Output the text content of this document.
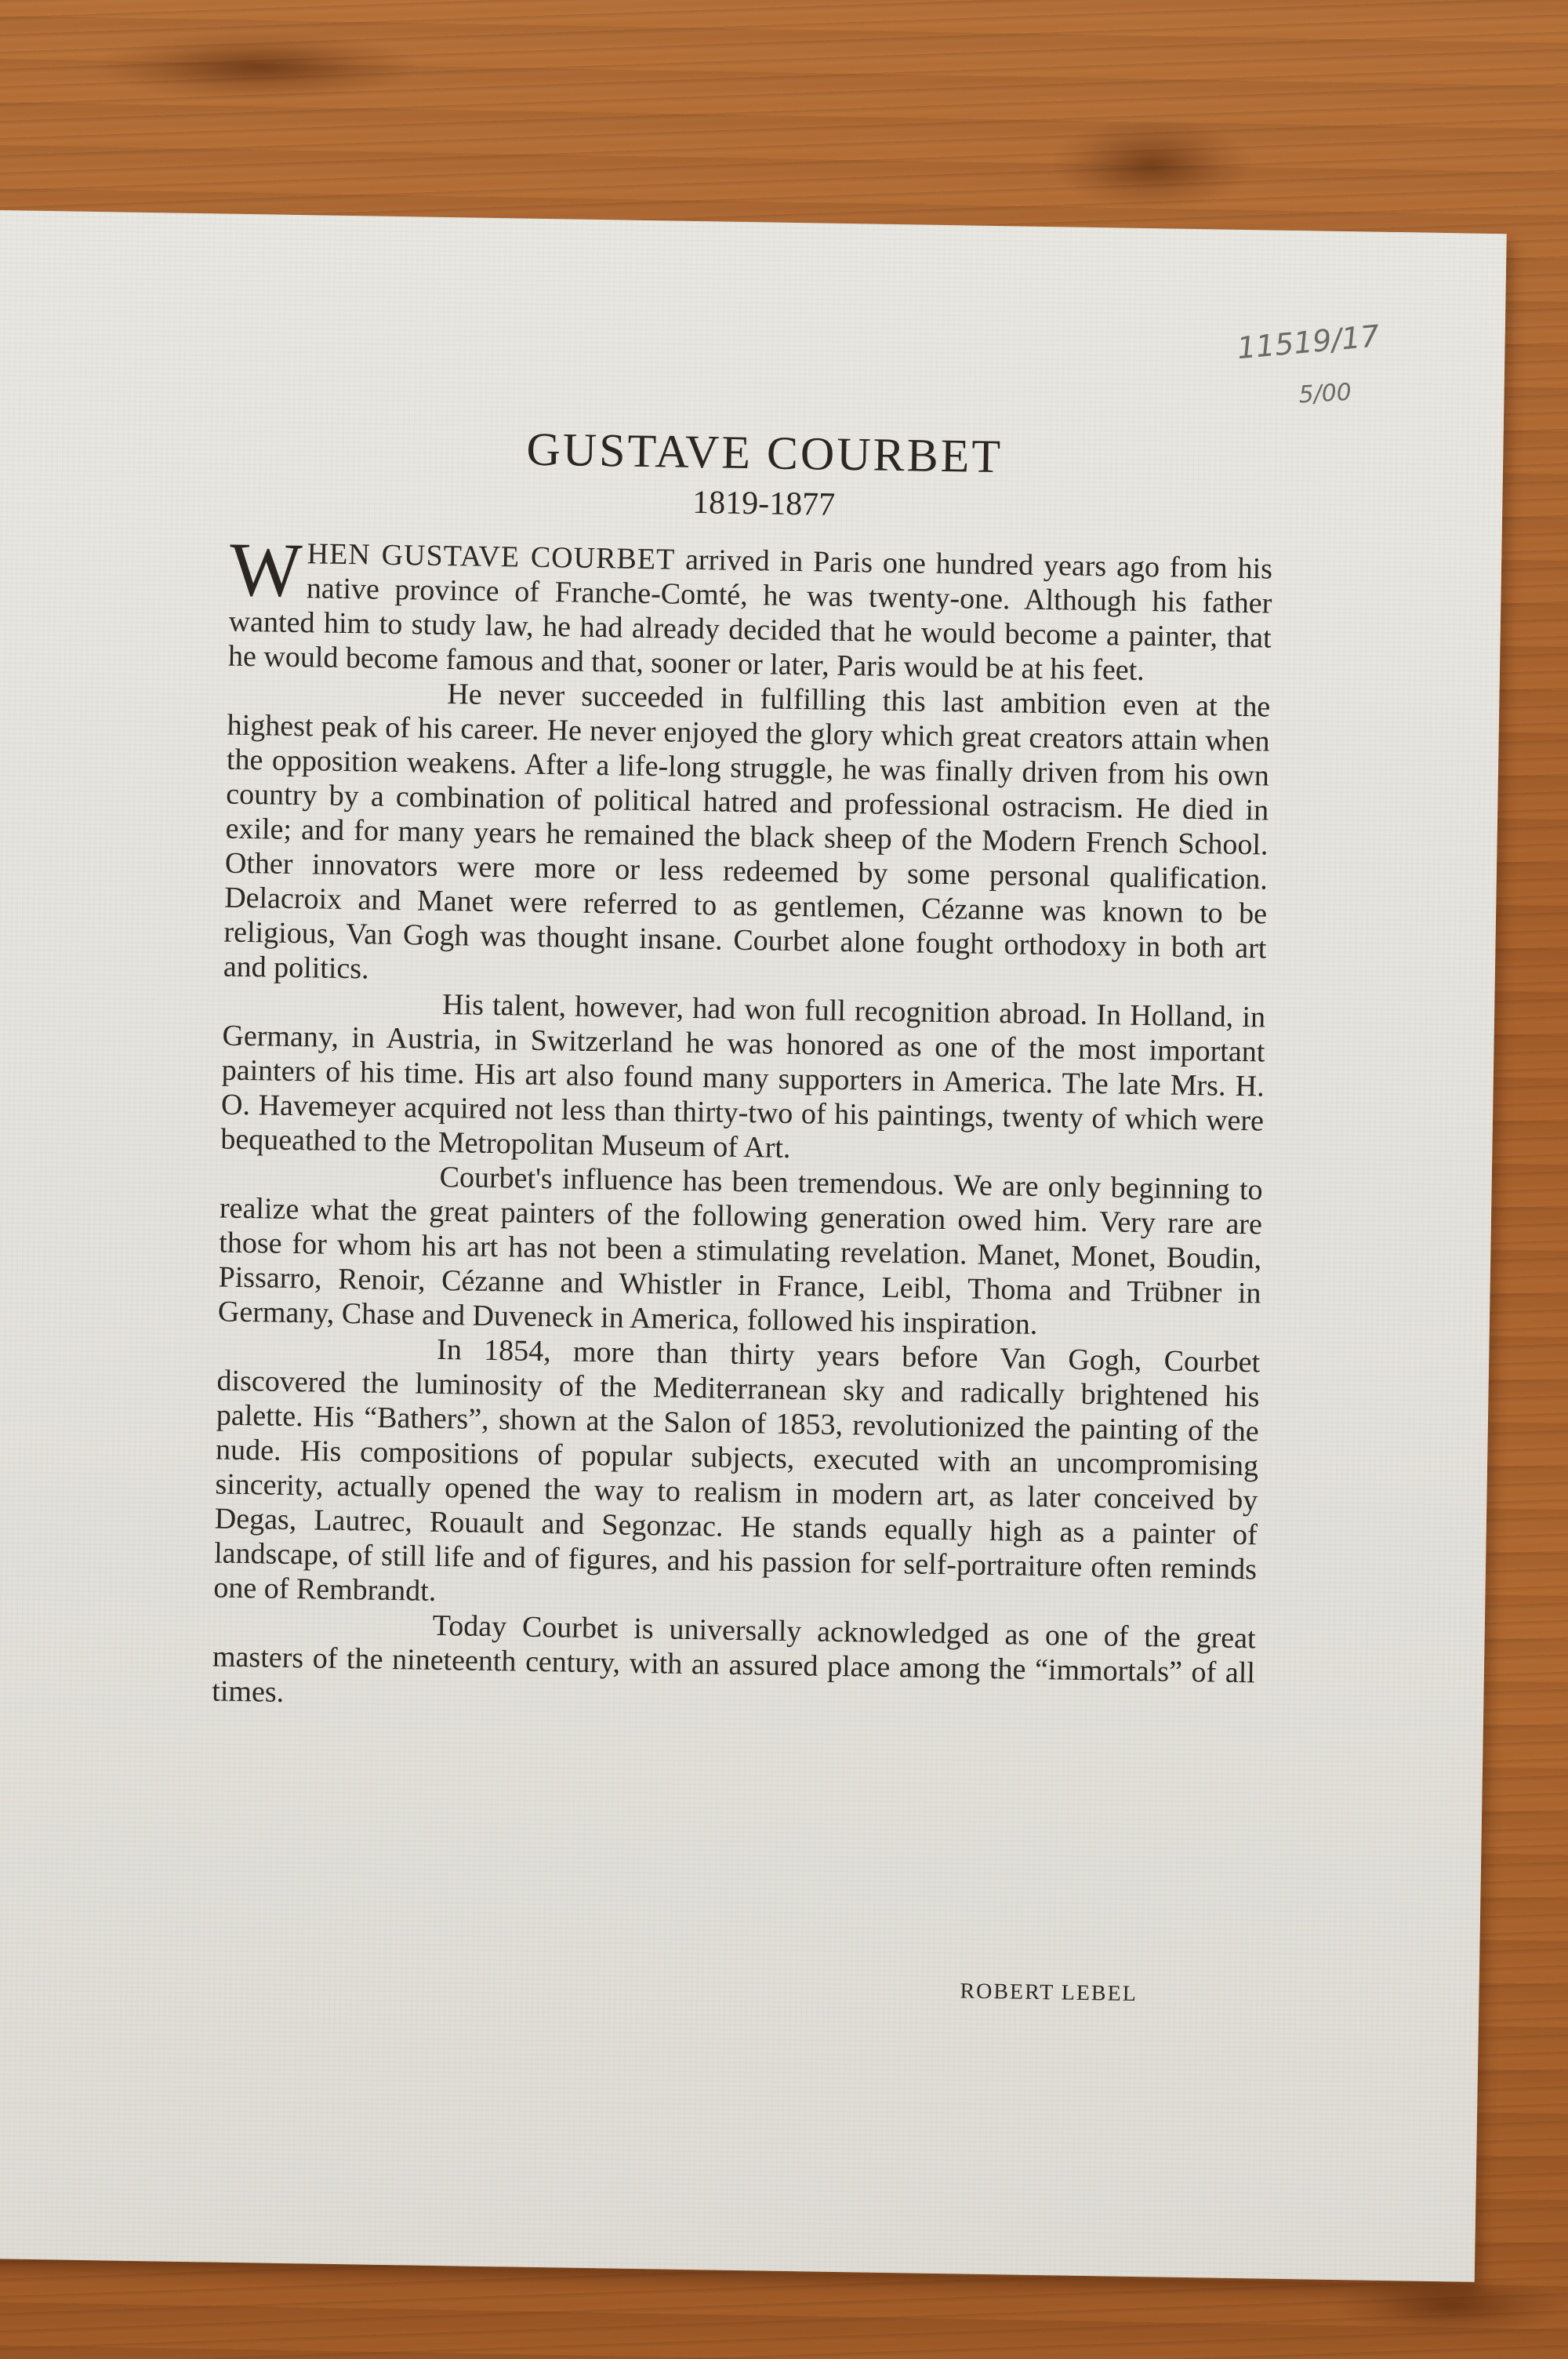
11519/17
5/00
GUSTAVE COURBET
1819-1877

WHEN GUSTAVE COURBET arrived in Paris one hundred years ago from his native province of Franche-Comté, he was twenty-one. Although his father wanted him to study law, he had already decided that he would become a painter, that he would become famous and that, sooner or later, Paris would be at his feet.

He never succeeded in fulfilling this last ambition even at the highest peak of his career. He never enjoyed the glory which great creators attain when the opposition weakens. After a life-long struggle, he was finally driven from his own country by a combination of political hatred and professional ostracism. He died in exile; and for many years he remained the black sheep of the Modern French School. Other innovators were more or less redeemed by some personal qualification. Delacroix and Manet were referred to as gentlemen, Cézanne was known to be religious, Van Gogh was thought insane. Courbet alone fought orthodoxy in both art and politics.

His talent, however, had won full recognition abroad. In Holland, in Germany, in Austria, in Switzerland he was honored as one of the most important painters of his time. His art also found many supporters in America. The late Mrs. H. O. Havemeyer acquired not less than thirty-two of his paintings, twenty of which were bequeathed to the Metropolitan Museum of Art.

Courbet's influence has been tremendous. We are only beginning to realize what the great painters of the following generation owed him. Very rare are those for whom his art has not been a stimulating revelation. Manet, Monet, Boudin, Pissarro, Renoir, Cézanne and Whistler in France, Leibl, Thoma and Trübner in Germany, Chase and Duveneck in America, followed his inspiration.

In 1854, more than thirty years before Van Gogh, Courbet discovered the luminosity of the Mediterranean sky and radically brightened his palette. His “Bathers”, shown at the Salon of 1853, revolutionized the painting of the nude. His compositions of popular subjects, executed with an uncompromising sincerity, actually opened the way to realism in modern art, as later conceived by Degas, Lautrec, Rouault and Segonzac. He stands equally high as a painter of landscape, of still life and of figures, and his passion for self-portraiture often reminds one of Rembrandt.

Today Courbet is universally acknowledged as one of the great masters of the nineteenth century, with an assured place among the “immortals” of all times.

ROBERT LEBEL
